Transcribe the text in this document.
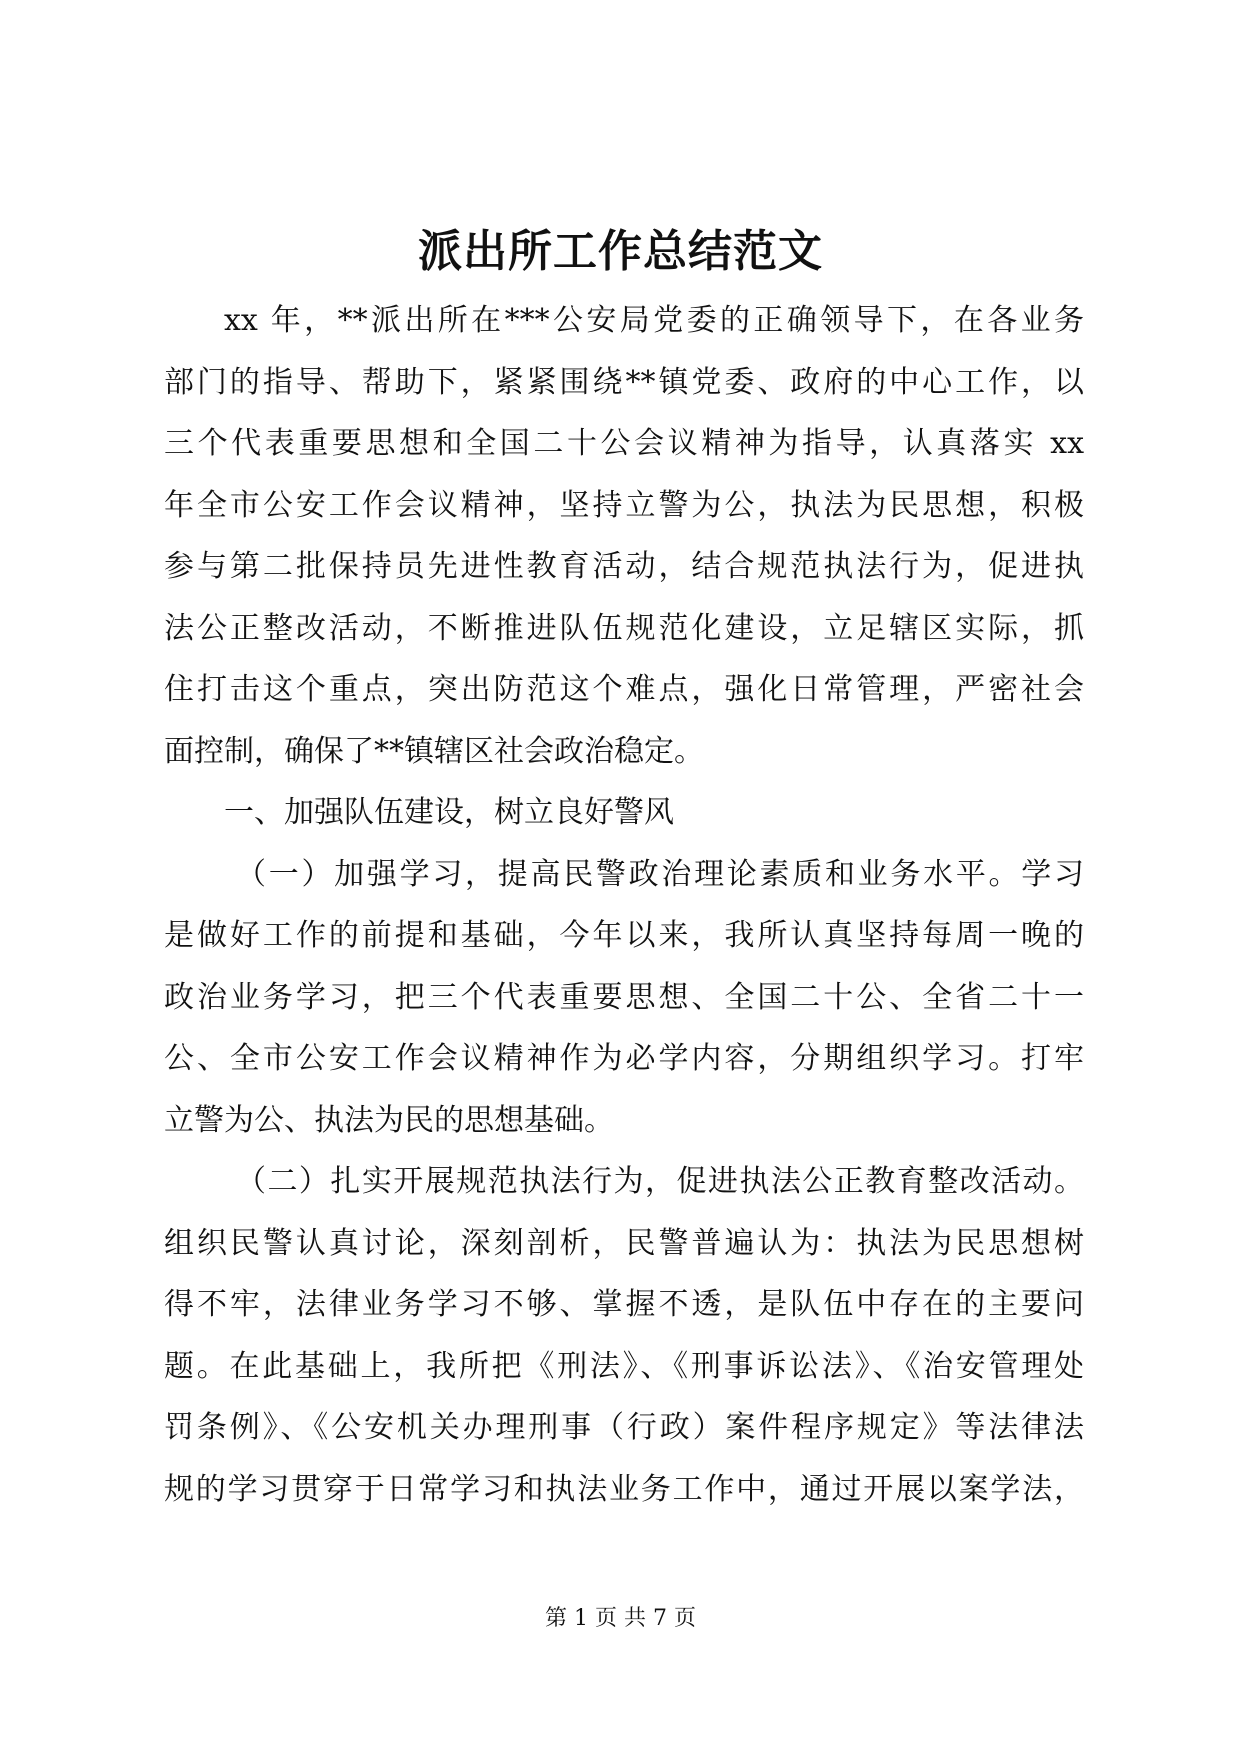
派出所工作总结范文
xx 年，**派出所在***公安局党委的正确领导下，在各业务
部门的指导、帮助下，紧紧围绕**镇党委、政府的中心工作，以
三个代表重要思想和全国二十公会议精神为指导，认真落实 xx
年全市公安工作会议精神，坚持立警为公，执法为民思想，积极
参与第二批保持员先进性教育活动，结合规范执法行为，促进执
法公正整改活动，不断推进队伍规范化建设，立足辖区实际，抓
住打击这个重点，突出防范这个难点，强化日常管理，严密社会
面控制，确保了**镇辖区社会政治稳定。
一、加强队伍建设，树立良好警风
（一）加强学习，提高民警政治理论素质和业务水平。学习
是做好工作的前提和基础，今年以来，我所认真坚持每周一晚的
政治业务学习，把三个代表重要思想、全国二十公、全省二十一
公、全市公安工作会议精神作为必学内容，分期组织学习。打牢
立警为公、执法为民的思想基础。
（二）扎实开展规范执法行为，促进执法公正教育整改活动。
组织民警认真讨论，深刻剖析，民警普遍认为：执法为民思想树
得不牢，法律业务学习不够、掌握不透，是队伍中存在的主要问
题。在此基础上，我所把《刑法》、《刑事诉讼法》、《治安管理处
罚条例》、《公安机关办理刑事（行政）案件程序规定》等法律法
规的学习贯穿于日常学习和执法业务工作中，通过开展以案学法，
第 1 页 共 7 页
